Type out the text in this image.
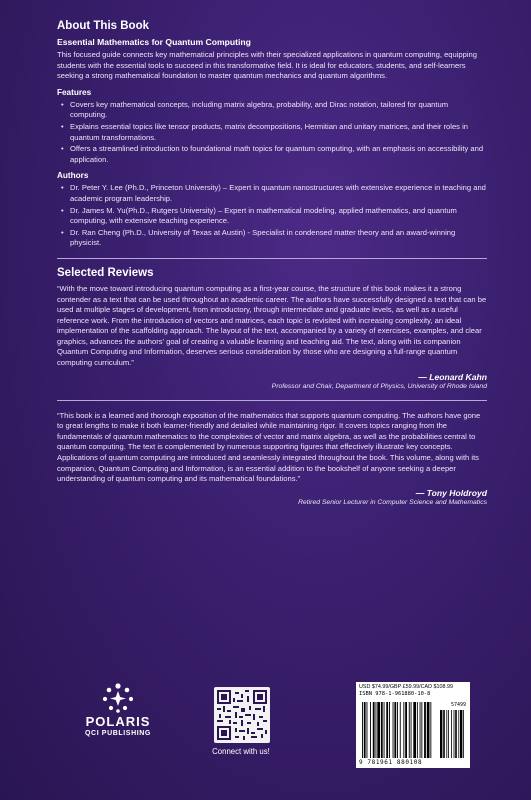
About This Book
Essential Mathematics for Quantum Computing

This focused guide connects key mathematical principles with their specialized applications in quantum computing, equipping students with the essential tools to succeed in this transformative field. It is ideal for educators, students, and self-learners seeking a strong mathematical foundation to master quantum mechanics and quantum algorithms.

Features
• Covers key mathematical concepts, including matrix algebra, probability, and Dirac notation, tailored for quantum computing.
• Explains essential topics like tensor products, matrix decompositions, Hermitian and unitary matrices, and their roles in quantum transformations.
• Offers a streamlined introduction to foundational math topics for quantum computing, with an emphasis on accessibility and application.
Authors
• Dr. Peter Y. Lee (Ph.D., Princeton University) – Expert in quantum nanostructures with extensive experience in teaching and academic program leadership.
• Dr. James M. Yu(Ph.D., Rutgers University) – Expert in mathematical modeling, applied mathematics, and quantum computing, with extensive teaching experience.
• Dr. Ran Cheng (Ph.D., University of Texas at Austin) - Specialist in condensed matter theory and an award-winning physicist.
Selected Reviews

“With the move toward introducing quantum computing as a first-year course, the structure of this book makes it a strong contender as a text that can be used throughout an academic career. The authors have successfully designed a text that can be used at multiple stages of development, from introductory, through intermediate and graduate levels, as well as a useful reference work. From the introduction of vectors and matrices, each topic is revisited with increasing complexity, an ideal implementation of the scaffolding approach. The layout of the text, accompanied by a variety of exercises, examples, and clear graphics, advances the authors' goal of creating a valuable learning and teaching aid. The text, along with its companion Quantum Computing and Information, deserves serious consideration by those who are designing a full-range quantum computing curriculum.”

— Leonard Kahn
Professor and Chair, Department of Physics, University of Rhode Island

“This book is a learned and thorough exposition of the mathematics that supports quantum computing. The authors have gone to great lengths to make it both learner-friendly and detailed while maintaining rigor. It covers topics ranging from the fundamentals of quantum mathematics to the complexities of vector and matrix algebra, as well as the probabilities central to quantum computing. The text is complemented by numerous supporting figures that effectively illustrate key concepts. Applications of quantum computing are introduced and seamlessly integrated throughout the book. This volume, along with its companion, Quantum Computing and Information, is an essential addition to the bookshelf of anyone seeking a deeper understanding of quantum computing and its mathematical foundations.”

— Tony Holdroyd
Retired Senior Lecturer in Computer Science and Mathematics
POLARIS
QCI PUBLISHING
Connect with us!
USD $74.99/GBP £59.99/CAD $108.99
ISBN 978-1-961880-10-8
57499
9 781961 880108
